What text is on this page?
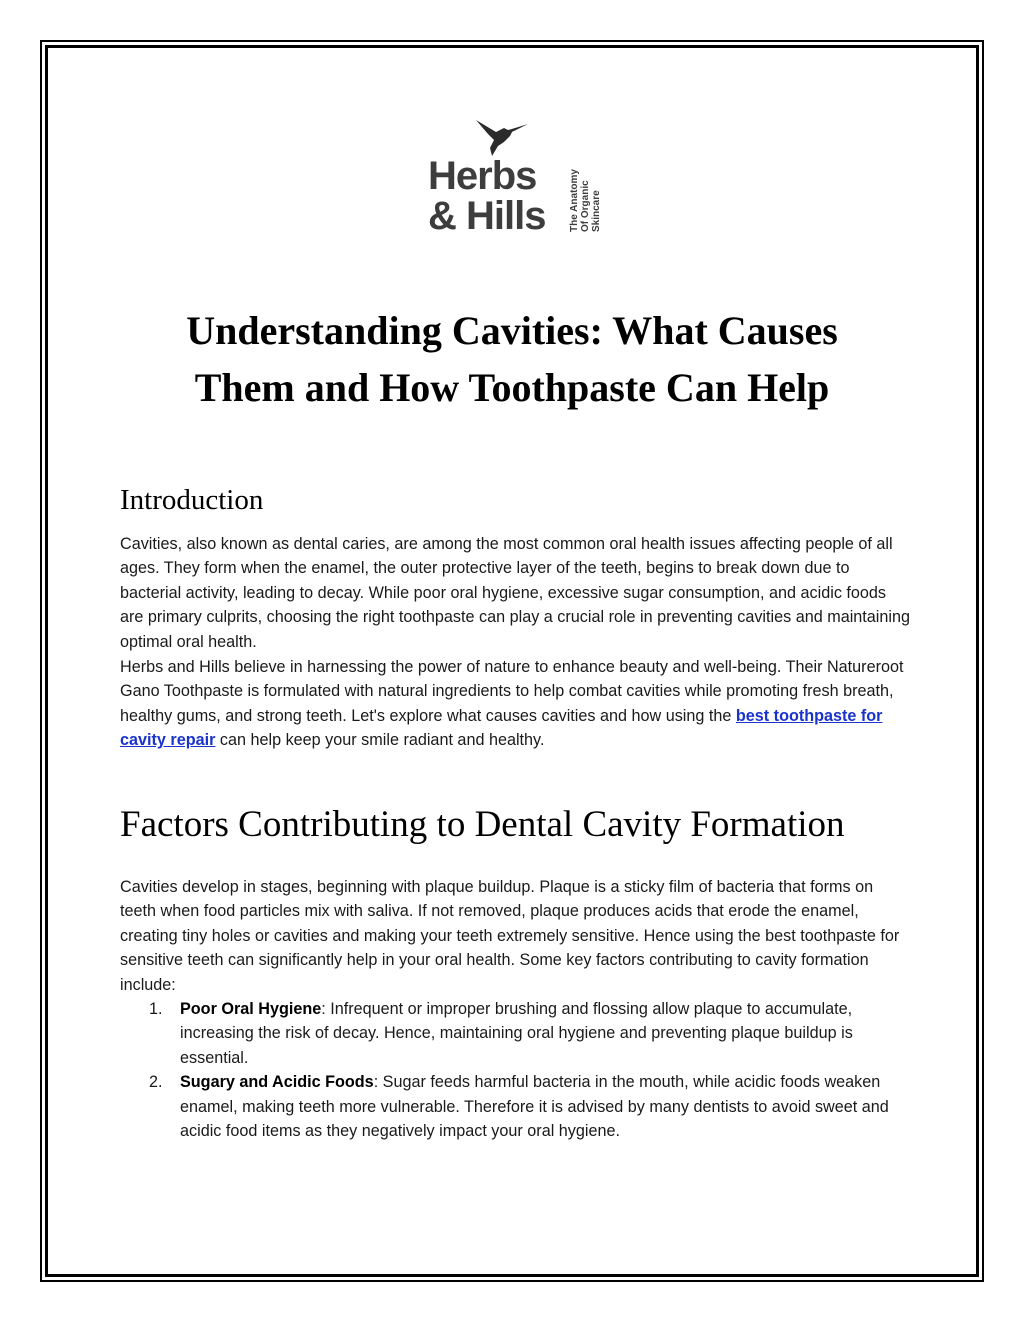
Herbs
& Hills The Anatomy Of Organic Skincare
Understanding Cavities: What Causes
Them and How Toothpaste Can Help
Introduction

Cavities, also known as dental caries, are among the most common oral health issues affecting people of all ages. They form when the enamel, the outer protective layer of the teeth, begins to break down due to bacterial activity, leading to decay. While poor oral hygiene, excessive sugar consumption, and acidic foods are primary culprits, choosing the right toothpaste can play a crucial role in preventing cavities and maintaining optimal oral health.

Herbs and Hills believe in harnessing the power of nature to enhance beauty and well-being. Their Natureroot Gano Toothpaste is formulated with natural ingredients to help combat cavities while promoting fresh breath, healthy gums, and strong teeth. Let's explore what causes cavities and how using the best toothpaste for cavity repair can help keep your smile radiant and healthy.

Factors Contributing to Dental Cavity Formation

Cavities develop in stages, beginning with plaque buildup. Plaque is a sticky film of bacteria that forms on teeth when food particles mix with saliva. If not removed, plaque produces acids that erode the enamel, creating tiny holes or cavities and making your teeth extremely sensitive. Hence using the best toothpaste for sensitive teeth can significantly help in your oral health. Some key factors contributing to cavity formation include:

1. Poor Oral Hygiene: Infrequent or improper brushing and flossing allow plaque to accumulate, increasing the risk of decay. Hence, maintaining oral hygiene and preventing plaque buildup is essential.
2. Sugary and Acidic Foods: Sugar feeds harmful bacteria in the mouth, while acidic foods weaken enamel, making teeth more vulnerable. Therefore it is advised by many dentists to avoid sweet and acidic food items as they negatively impact your oral hygiene.
